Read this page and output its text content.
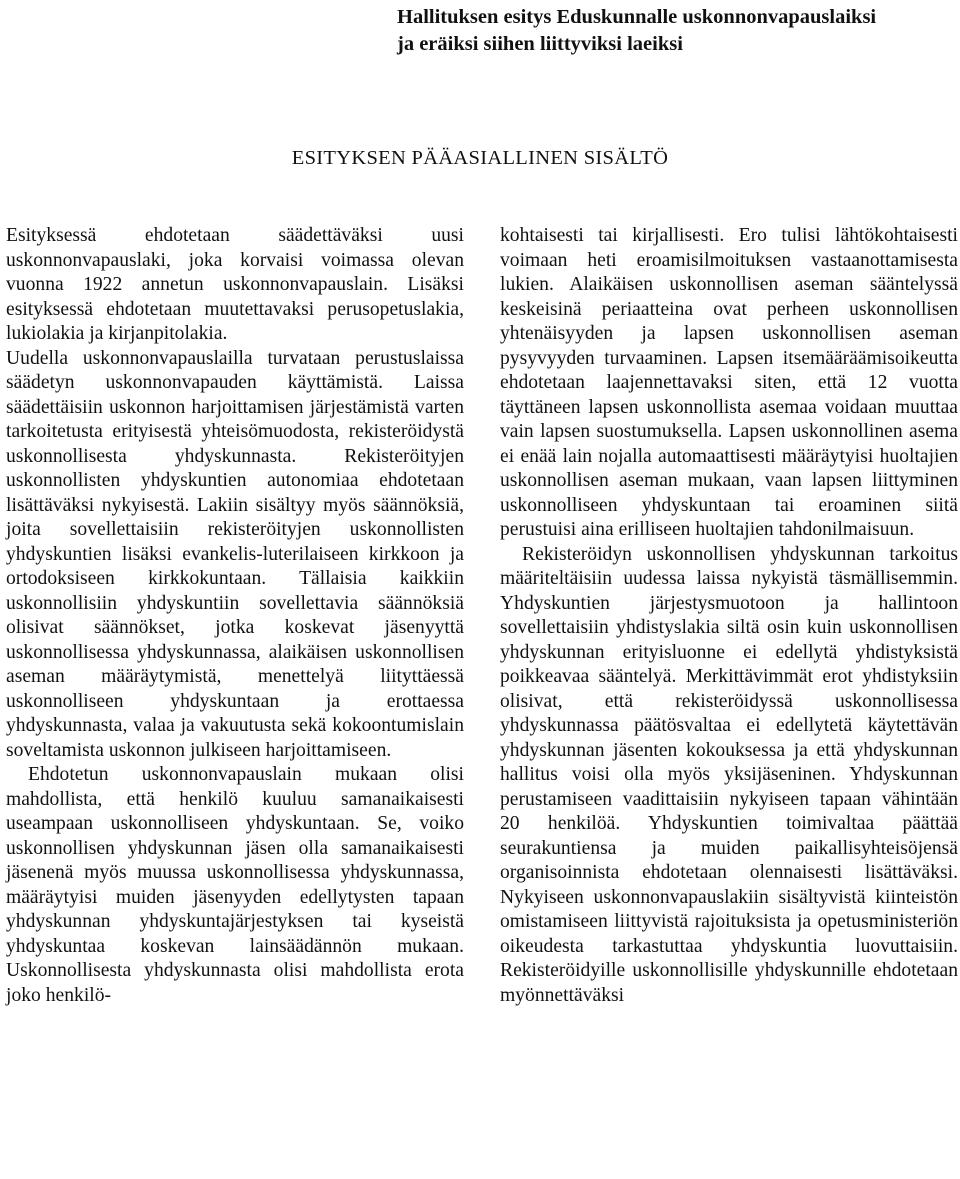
Hallituksen esitys Eduskunnalle uskonnonvapauslaiksi
ja eräiksi siihen liittyviksi laeiksi
ESITYKSEN PÄÄASIALLINEN SISÄLTÖ

Esityksessä ehdotetaan säädettäväksi uusi uskonnonvapauslaki, joka korvaisi voimassa olevan vuonna 1922 annetun uskonnonvapauslain. Lisäksi esityksessä ehdotetaan muutettavaksi perusopetuslakia, lukiolakia ja kirjanpitolakia.

Uudella uskonnonvapauslailla turvataan perustuslaissa säädetyn uskonnonvapauden käyttämistä. Laissa säädettäisiin uskonnon harjoittamisen järjestämistä varten tarkoitetusta erityisestä yhteisömuodosta, rekisteröidystä uskonnollisesta yhdyskunnasta. Rekisteröityjen uskonnollisten yhdyskuntien autonomiaa ehdotetaan lisättäväksi nykyisestä. Lakiin sisältyy myös säännöksiä, joita sovellettaisiin rekisteröityjen uskonnollisten yhdyskuntien lisäksi evankelis-luterilaiseen kirkkoon ja ortodoksiseen kirkkokuntaan. Tällaisia kaikkiin uskonnollisiin yhdyskuntiin sovellettavia säännöksiä olisivat säännökset, jotka koskevat jäsenyyttä uskonnollisessa yhdyskunnassa, alaikäisen uskonnollisen aseman määräytymistä, menettelyä liityttäessä uskonnolliseen yhdyskuntaan ja erottaessa yhdyskunnasta, valaa ja vakuutusta sekä kokoontumislain soveltamista uskonnon julkiseen harjoittamiseen.

Ehdotetun uskonnonvapauslain mukaan olisi mahdollista, että henkilö kuuluu samanaikaisesti useampaan uskonnolliseen yhdyskuntaan. Se, voiko uskonnollisen yhdyskunnan jäsen olla samanaikaisesti jäsenenä myös muussa uskonnollisessa yhdyskunnassa, määräytyisi muiden jäsenyyden edellytysten tapaan yhdyskunnan yhdyskuntajärjestyksen tai kyseistä yhdyskuntaa koskevan lainsäädännön mukaan. Uskonnollisesta yhdyskunnasta olisi mahdollista erota joko henkilö-

kohtaisesti tai kirjallisesti. Ero tulisi lähtökohtaisesti voimaan heti eroamisilmoituksen vastaanottamisesta lukien. Alaikäisen uskonnollisen aseman sääntelyssä keskeisinä periaatteina ovat perheen uskonnollisen yhtenäisyyden ja lapsen uskonnollisen aseman pysyvyyden turvaaminen. Lapsen itsemääräämisoikeutta ehdotetaan laajennettavaksi siten, että 12 vuotta täyttäneen lapsen uskonnollista asemaa voidaan muuttaa vain lapsen suostumuksella. Lapsen uskonnollinen asema ei enää lain nojalla automaattisesti määräytyisi huoltajien uskonnollisen aseman mukaan, vaan lapsen liittyminen uskonnolliseen yhdyskuntaan tai eroaminen siitä perustuisi aina erilliseen huoltajien tahdonilmaisuun.

Rekisteröidyn uskonnollisen yhdyskunnan tarkoitus määriteltäisiin uudessa laissa nykyistä täsmällisemmin. Yhdyskuntien järjestysmuotoon ja hallintoon sovellettaisiin yhdistyslakia siltä osin kuin uskonnollisen yhdyskunnan erityisluonne ei edellytä yhdistyksistä poikkeavaa sääntelyä. Merkittävimmät erot yhdistyksiin olisivat, että rekisteröidyssä uskonnollisessa yhdyskunnassa päätösvaltaa ei edellytetä käytettävän yhdyskunnan jäsenten kokouksessa ja että yhdyskunnan hallitus voisi olla myös yksijäseninen. Yhdyskunnan perustamiseen vaadittaisiin nykyiseen tapaan vähintään 20 henkilöä. Yhdyskuntien toimivaltaa päättää seurakuntiensa ja muiden paikallisyhteisöjensä organisoinnista ehdotetaan olennaisesti lisättäväksi. Nykyiseen uskonnonvapauslakiin sisältyvistä kiinteistön omistamiseen liittyvistä rajoituksista ja opetusministeriön oikeudesta tarkastuttaa yhdyskuntia luovuttaisiin. Rekisteröidyille uskonnollisille yhdyskunnille ehdotetaan myönnettäväksi
